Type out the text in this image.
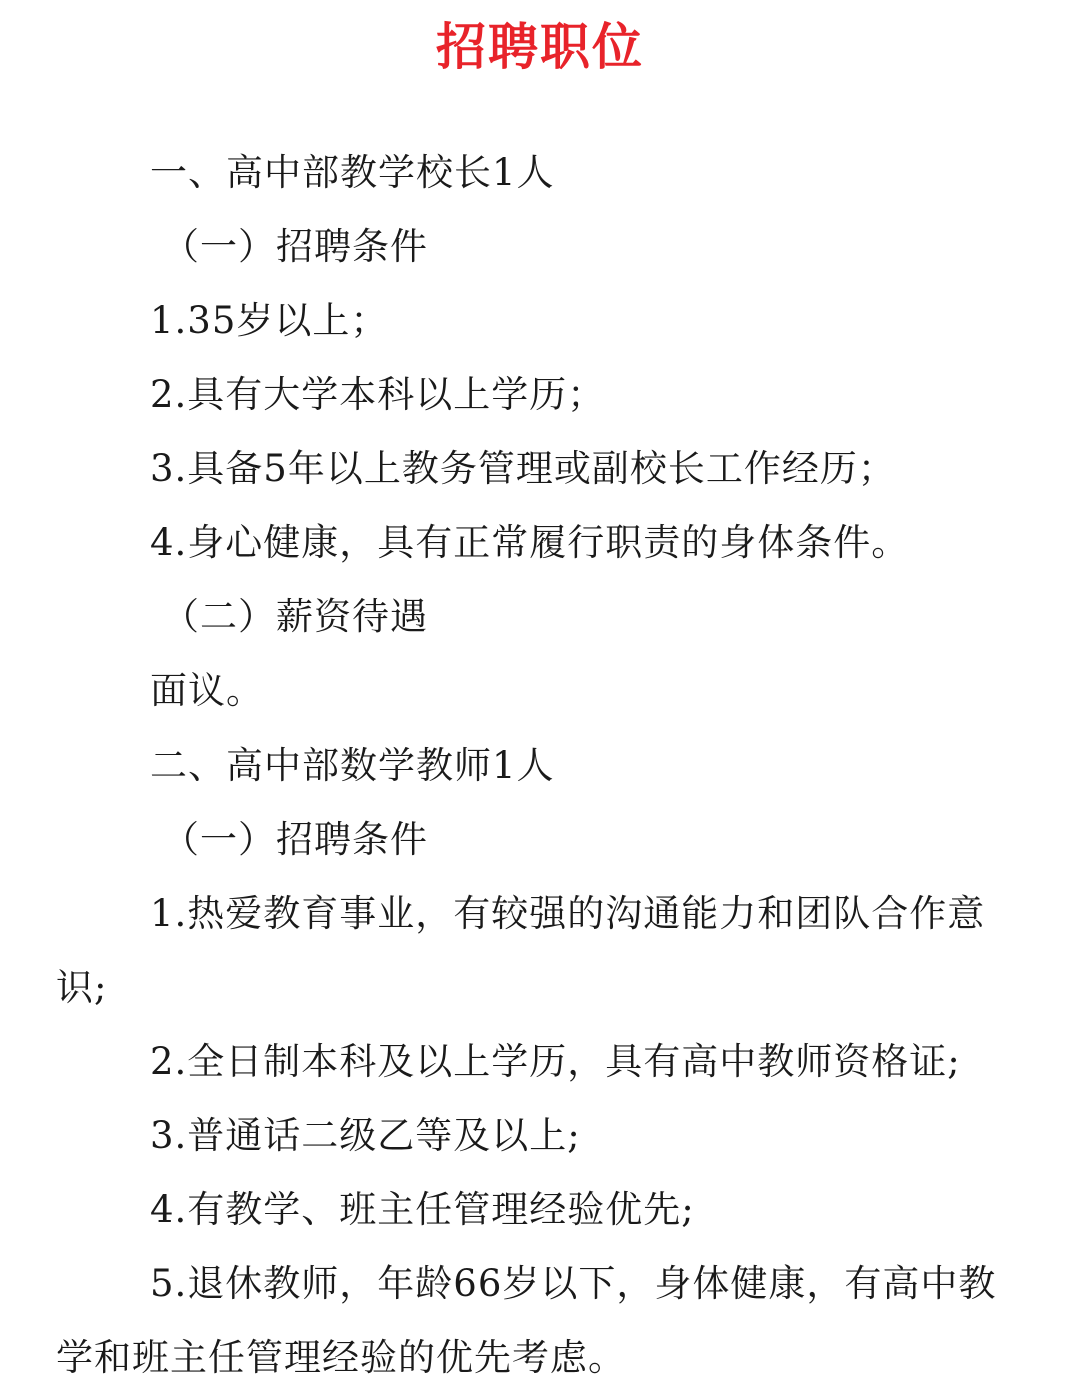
招聘职位

一、高中部教学校长1人

（一）招聘条件

1.35岁以上；

2.具有大学本科以上学历；

3.具备5年以上教务管理或副校长工作经历；

4.身心健康，具有正常履行职责的身体条件。

（二）薪资待遇

面议。

二、高中部数学教师1人

（一）招聘条件

1.热爱教育事业，有较强的沟通能力和团队合作意

识;

2.全日制本科及以上学历，具有高中教师资格证;

3.普通话二级乙等及以上;

4.有教学、班主任管理经验优先;

5.退休教师，年龄66岁以下，身体健康，有高中教

学和班主任管理经验的优先考虑。
